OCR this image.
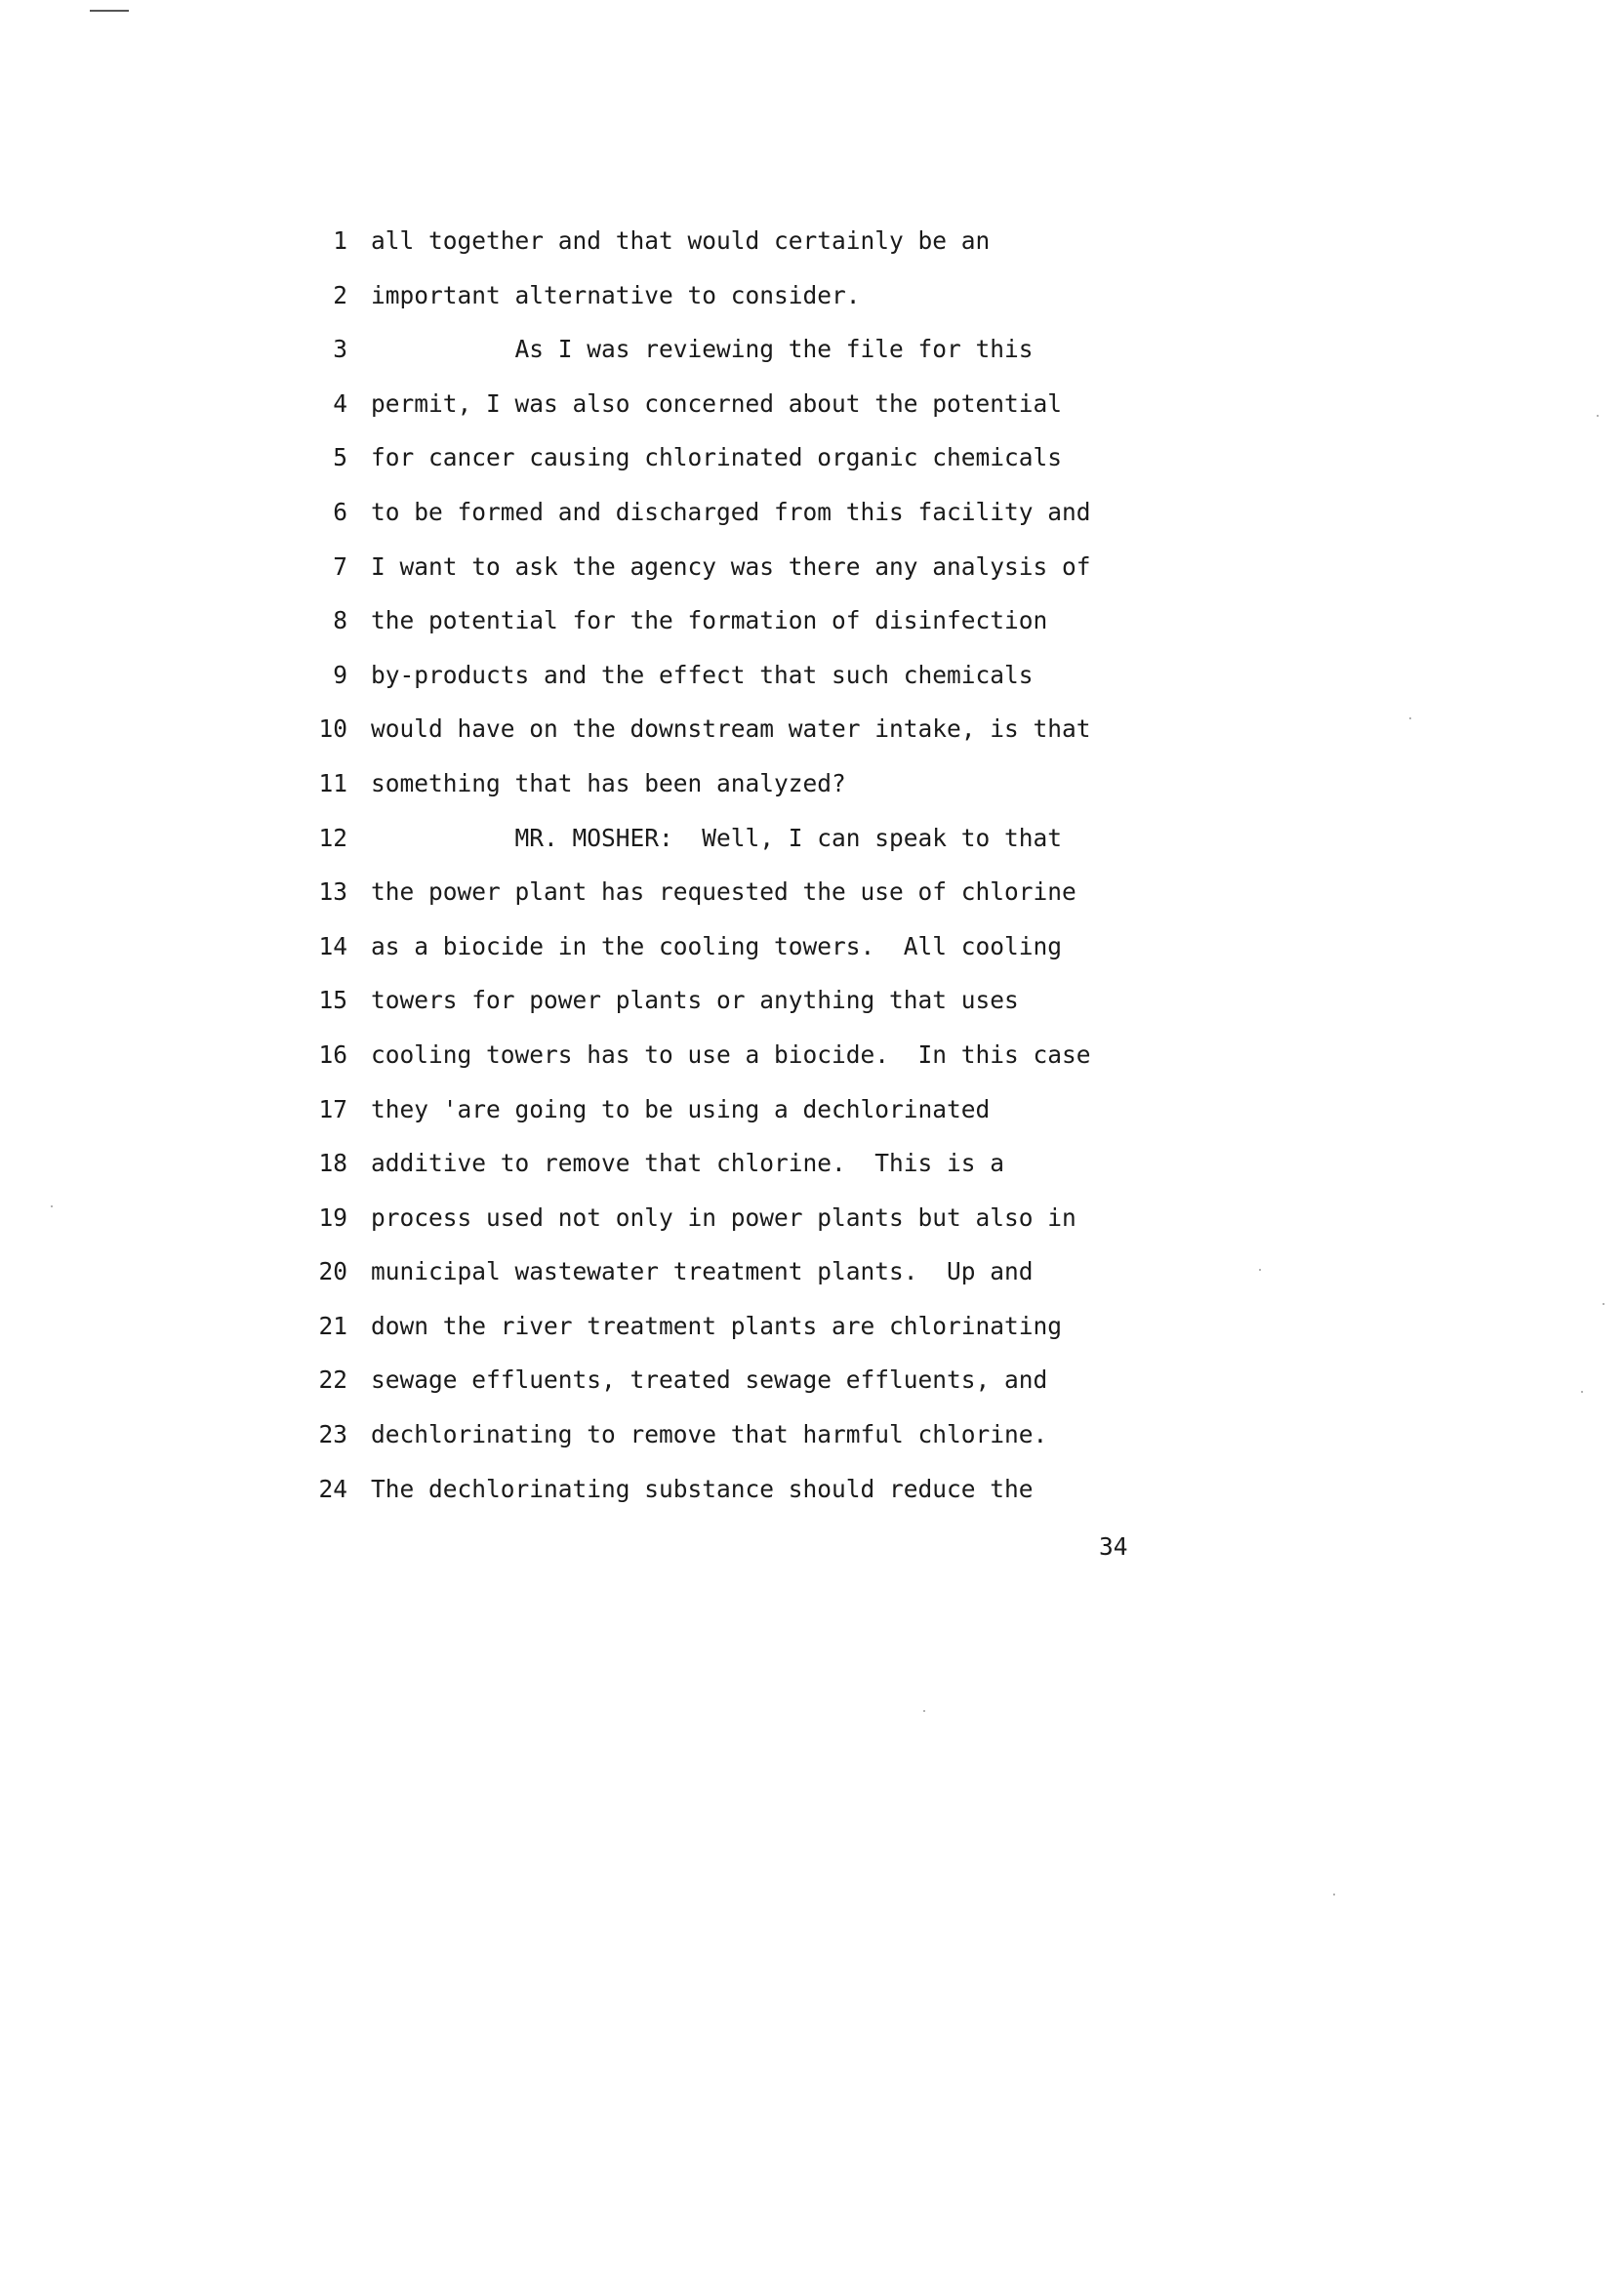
1 all together and that would certainly be an
2 important alternative to consider.
3 As I was reviewing the file for this
4 permit, I was also concerned about the potential
5 for cancer causing chlorinated organic chemicals
6 to be formed and discharged from this facility and
7 I want to ask the agency was there any analysis of
8 the potential for the formation of disinfection
9 by-products and the effect that such chemicals
10 would have on the downstream water intake, is that
11 something that has been analyzed?
12 MR. MOSHER:  Well, I can speak to that
13 the power plant has requested the use of chlorine
14 as a biocide in the cooling towers.  All cooling
15 towers for power plants or anything that uses
16 cooling towers has to use a biocide.  In this case
17 they 'are going to be using a dechlorinated
18 additive to remove that chlorine.  This is a
19 process used not only in power plants but also in
20 municipal wastewater treatment plants.  Up and
21 down the river treatment plants are chlorinating
22 sewage effluents, treated sewage effluents, and
23 dechlorinating to remove that harmful chlorine.
24 The dechlorinating substance should reduce the
34
